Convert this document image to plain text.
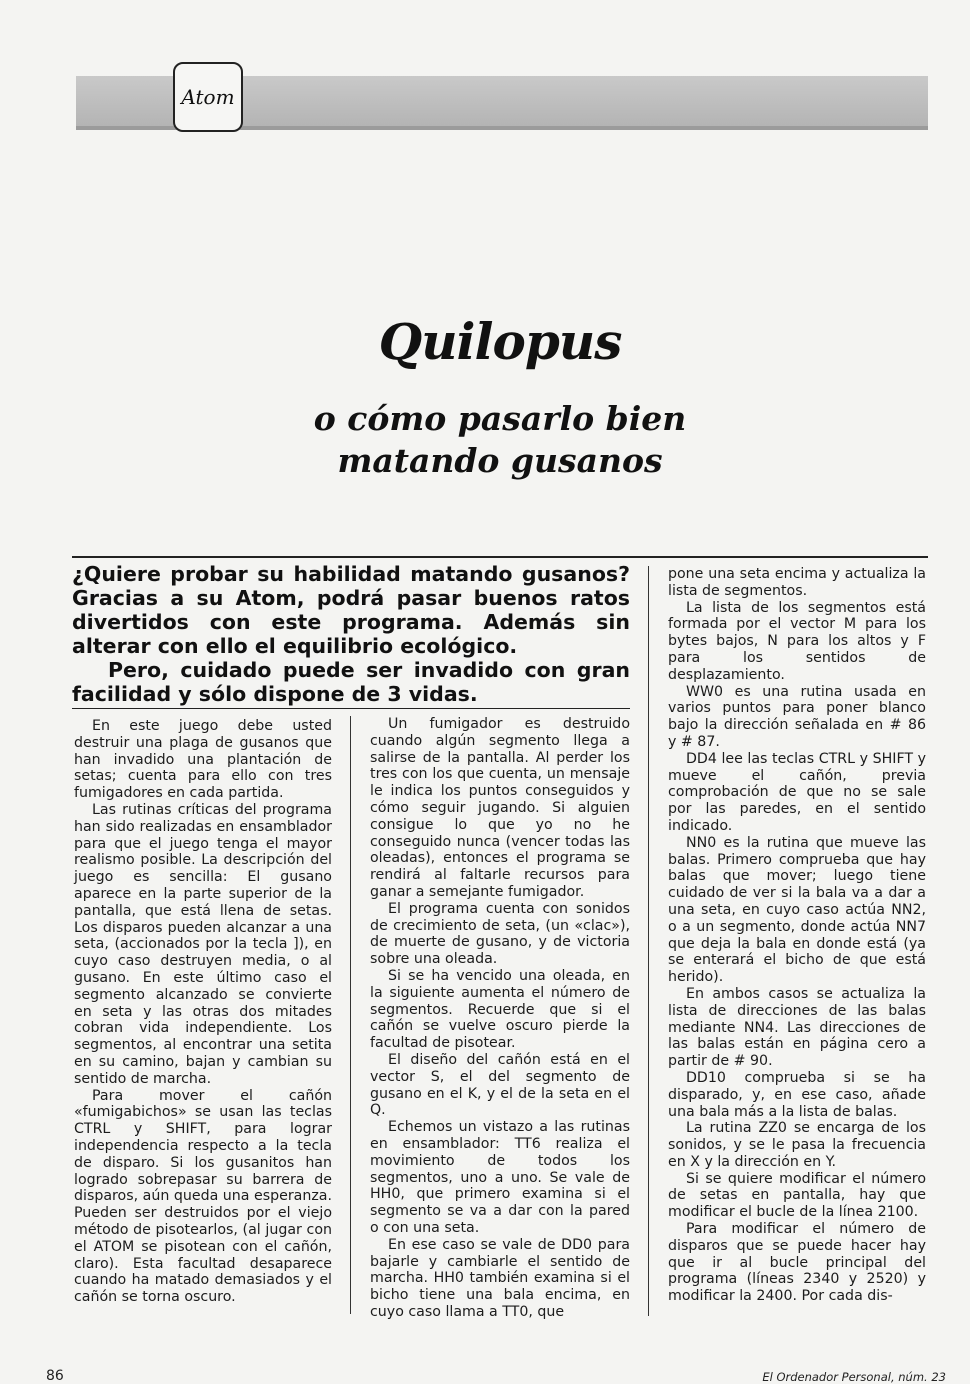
Atom
Quilopus
o cómo pasarlo bien matando gusanos

¿Quiere probar su habilidad matando gusanos? Gracias a su Atom, podrá pasar buenos ratos divertidos con este programa. Además sin alterar con ello el equilibrio ecológico.

Pero, cuidado puede ser invadido con gran facilidad y sólo dispone de 3 vidas.

En este juego debe usted destruir una plaga de gusanos que han invadido una plantación de setas; cuenta para ello con tres fumigadores en cada partida.

Las rutinas críticas del programa han sido realizadas en ensamblador para que el juego tenga el mayor realismo posible. La descripción del juego es sencilla: El gusano aparece en la parte superior de la pantalla, que está llena de setas. Los disparos pueden alcanzar a una seta, (accionados por la tecla ]), en cuyo caso destruyen media, o al gusano. En este último caso el segmento alcanzado se convierte en seta y las otras dos mitades cobran vida independiente. Los segmentos, al encontrar una setita en su camino, bajan y cambian su sentido de marcha.

Para mover el cañón «fumigabichos» se usan las teclas CTRL y SHIFT, para lograr independencia respecto a la tecla de disparo. Si los gusanitos han logrado sobrepasar su barrera de disparos, aún queda una esperanza. Pueden ser destruidos por el viejo método de pisotearlos, (al jugar con el ATOM se pisotean con el cañón, claro). Esta facultad desaparece cuando ha matado demasiados y el cañón se torna oscuro.

Un fumigador es destruido cuando algún segmento llega a salirse de la pantalla. Al perder los tres con los que cuenta, un mensaje le indica los puntos conseguidos y cómo seguir jugando. Si alguien consigue lo que yo no he conseguido nunca (vencer todas las oleadas), entonces el programa se rendirá al faltarle recursos para ganar a semejante fumigador.

El programa cuenta con sonidos de crecimiento de seta, (un «clac»), de muerte de gusano, y de victoria sobre una oleada.

Si se ha vencido una oleada, en la siguiente aumenta el número de segmentos. Recuerde que si el cañón se vuelve oscuro pierde la facultad de pisotear.

El diseño del cañón está en el vector S, el del segmento de gusano en el K, y el de la seta en el Q.

Echemos un vistazo a las rutinas en ensamblador: TT6 realiza el movimiento de todos los segmentos, uno a uno. Se vale de HH0, que primero examina si el segmento se va a dar con la pared o con una seta.

En ese caso se vale de DD0 para bajarle y cambiarle el sentido de marcha. HH0 también examina si el bicho tiene una bala encima, en cuyo caso llama a TT0, que

pone una seta encima y actualiza la lista de segmentos.

La lista de los segmentos está formada por el vector M para los bytes bajos, N para los altos y F para los sentidos de desplazamiento.

WW0 es una rutina usada en varios puntos para poner blanco bajo la dirección señalada en # 86 y # 87.

DD4 lee las teclas CTRL y SHIFT y mueve el cañón, previa comprobación de que no se sale por las paredes, en el sentido indicado.

NN0 es la rutina que mueve las balas. Primero comprueba que hay balas que mover; luego tiene cuidado de ver si la bala va a dar a una seta, en cuyo caso actúa NN2, o a un segmento, donde actúa NN7 que deja la bala en donde está (ya se enterará el bicho de que está herido).

En ambos casos se actualiza la lista de direcciones de las balas mediante NN4. Las direcciones de las balas están en página cero a partir de # 90.

DD10 comprueba si se ha disparado, y, en ese caso, añade una bala más a la lista de balas.

La rutina ZZ0 se encarga de los sonidos, y se le pasa la frecuencia en X y la dirección en Y.

Si se quiere modificar el número de setas en pantalla, hay que modificar el bucle de la línea 2100.

Para modificar el número de disparos que se puede hacer hay que ir al bucle principal del programa (líneas 2340 y 2520) y modificar la 2400. Por cada dis-

86	El Ordenador Personal, núm. 23
